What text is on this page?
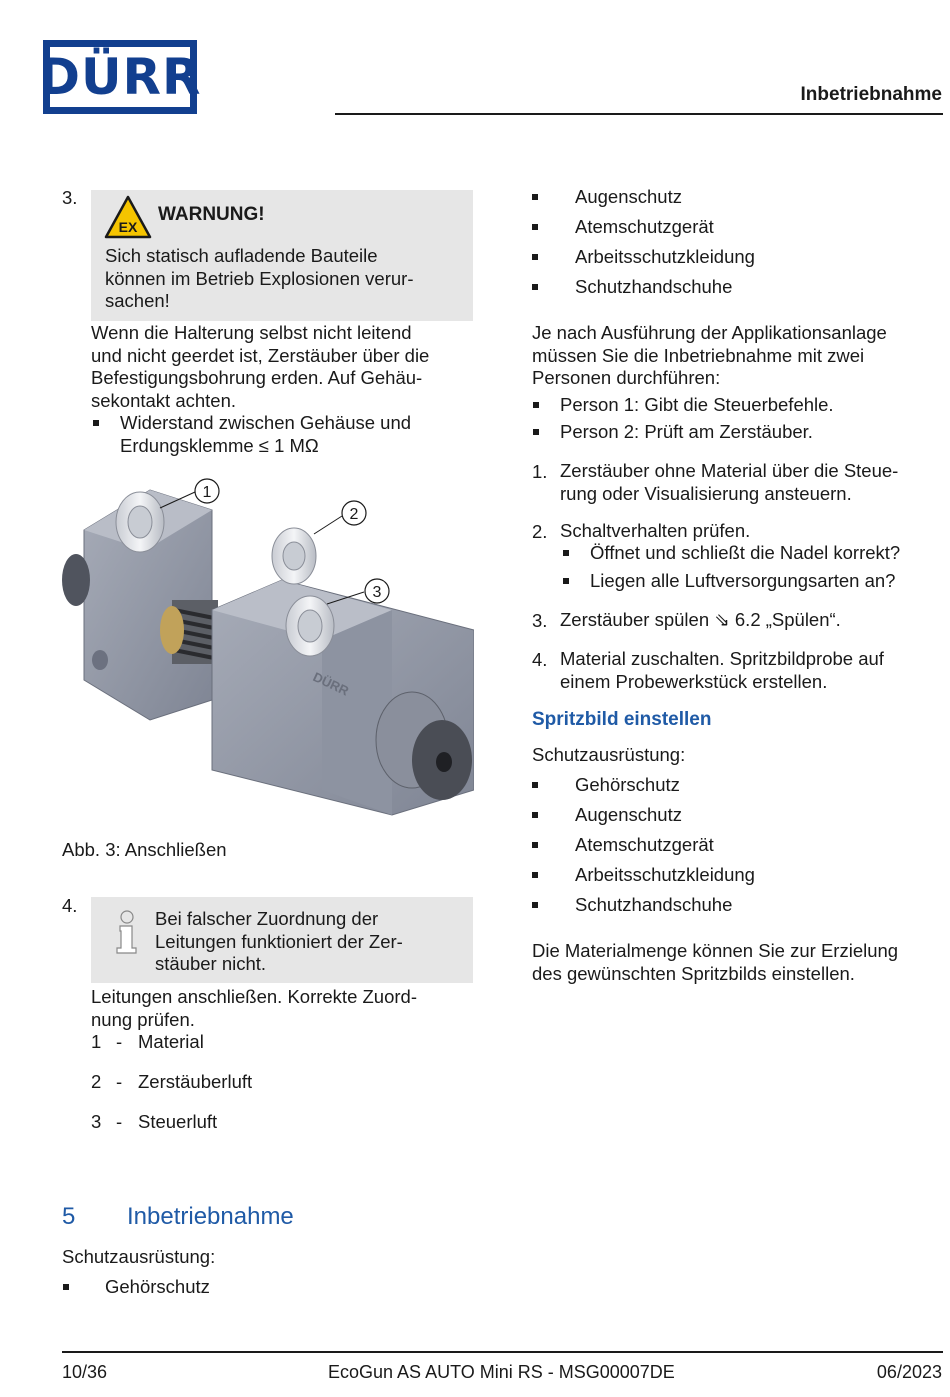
DÜRR	Inbetriebnahme
3.
EX
WARNUNG!
Sich statisch aufladende Bauteile
können im Betrieb Explosionen verur-
sachen!
Wenn die Halterung selbst nicht leitend
und nicht geerdet ist, Zerstäuber über die
Befestigungsbohrung erden. Auf Gehäu-
sekontakt achten.
Widerstand zwischen Gehäuse und
Erdungsklemme ≤ 1 MΩ
DÜRR
1
2
3
Abb. 3: Anschließen
4.
Bei falscher Zuordnung der
Leitungen funktioniert der Zer-
stäuber nicht.
Leitungen anschließen. Korrekte Zuord-
nung prüfen.
1 - Material
2 - Zerstäuberluft
3 - Steuerluft
5 Inbetriebnahme
Schutzausrüstung:
Gehörschutz
Augenschutz
Atemschutzgerät
Arbeitsschutzkleidung
Schutzhandschuhe
Je nach Ausführung der Applikationsanlage
müssen Sie die Inbetriebnahme mit zwei
Personen durchführen:
Person 1: Gibt die Steuerbefehle.
Person 2: Prüft am Zerstäuber.
1. Zerstäuber ohne Material über die Steue-
rung oder Visualisierung ansteuern.
2. Schaltverhalten prüfen.
Öffnet und schließt die Nadel korrekt?
Liegen alle Luftversorgungsarten an?
3. Zerstäuber spülen ⇘ 6.2 „Spülen“.
4. Material zuschalten. Spritzbildprobe auf
einem Probewerkstück erstellen.
Spritzbild einstellen
Schutzausrüstung:
Gehörschutz
Augenschutz
Atemschutzgerät
Arbeitsschutzkleidung
Schutzhandschuhe
Die Materialmenge können Sie zur Erzielung
des gewünschten Spritzbilds einstellen.
10/36	EcoGun AS AUTO Mini RS - MSG00007DE	06/2023
